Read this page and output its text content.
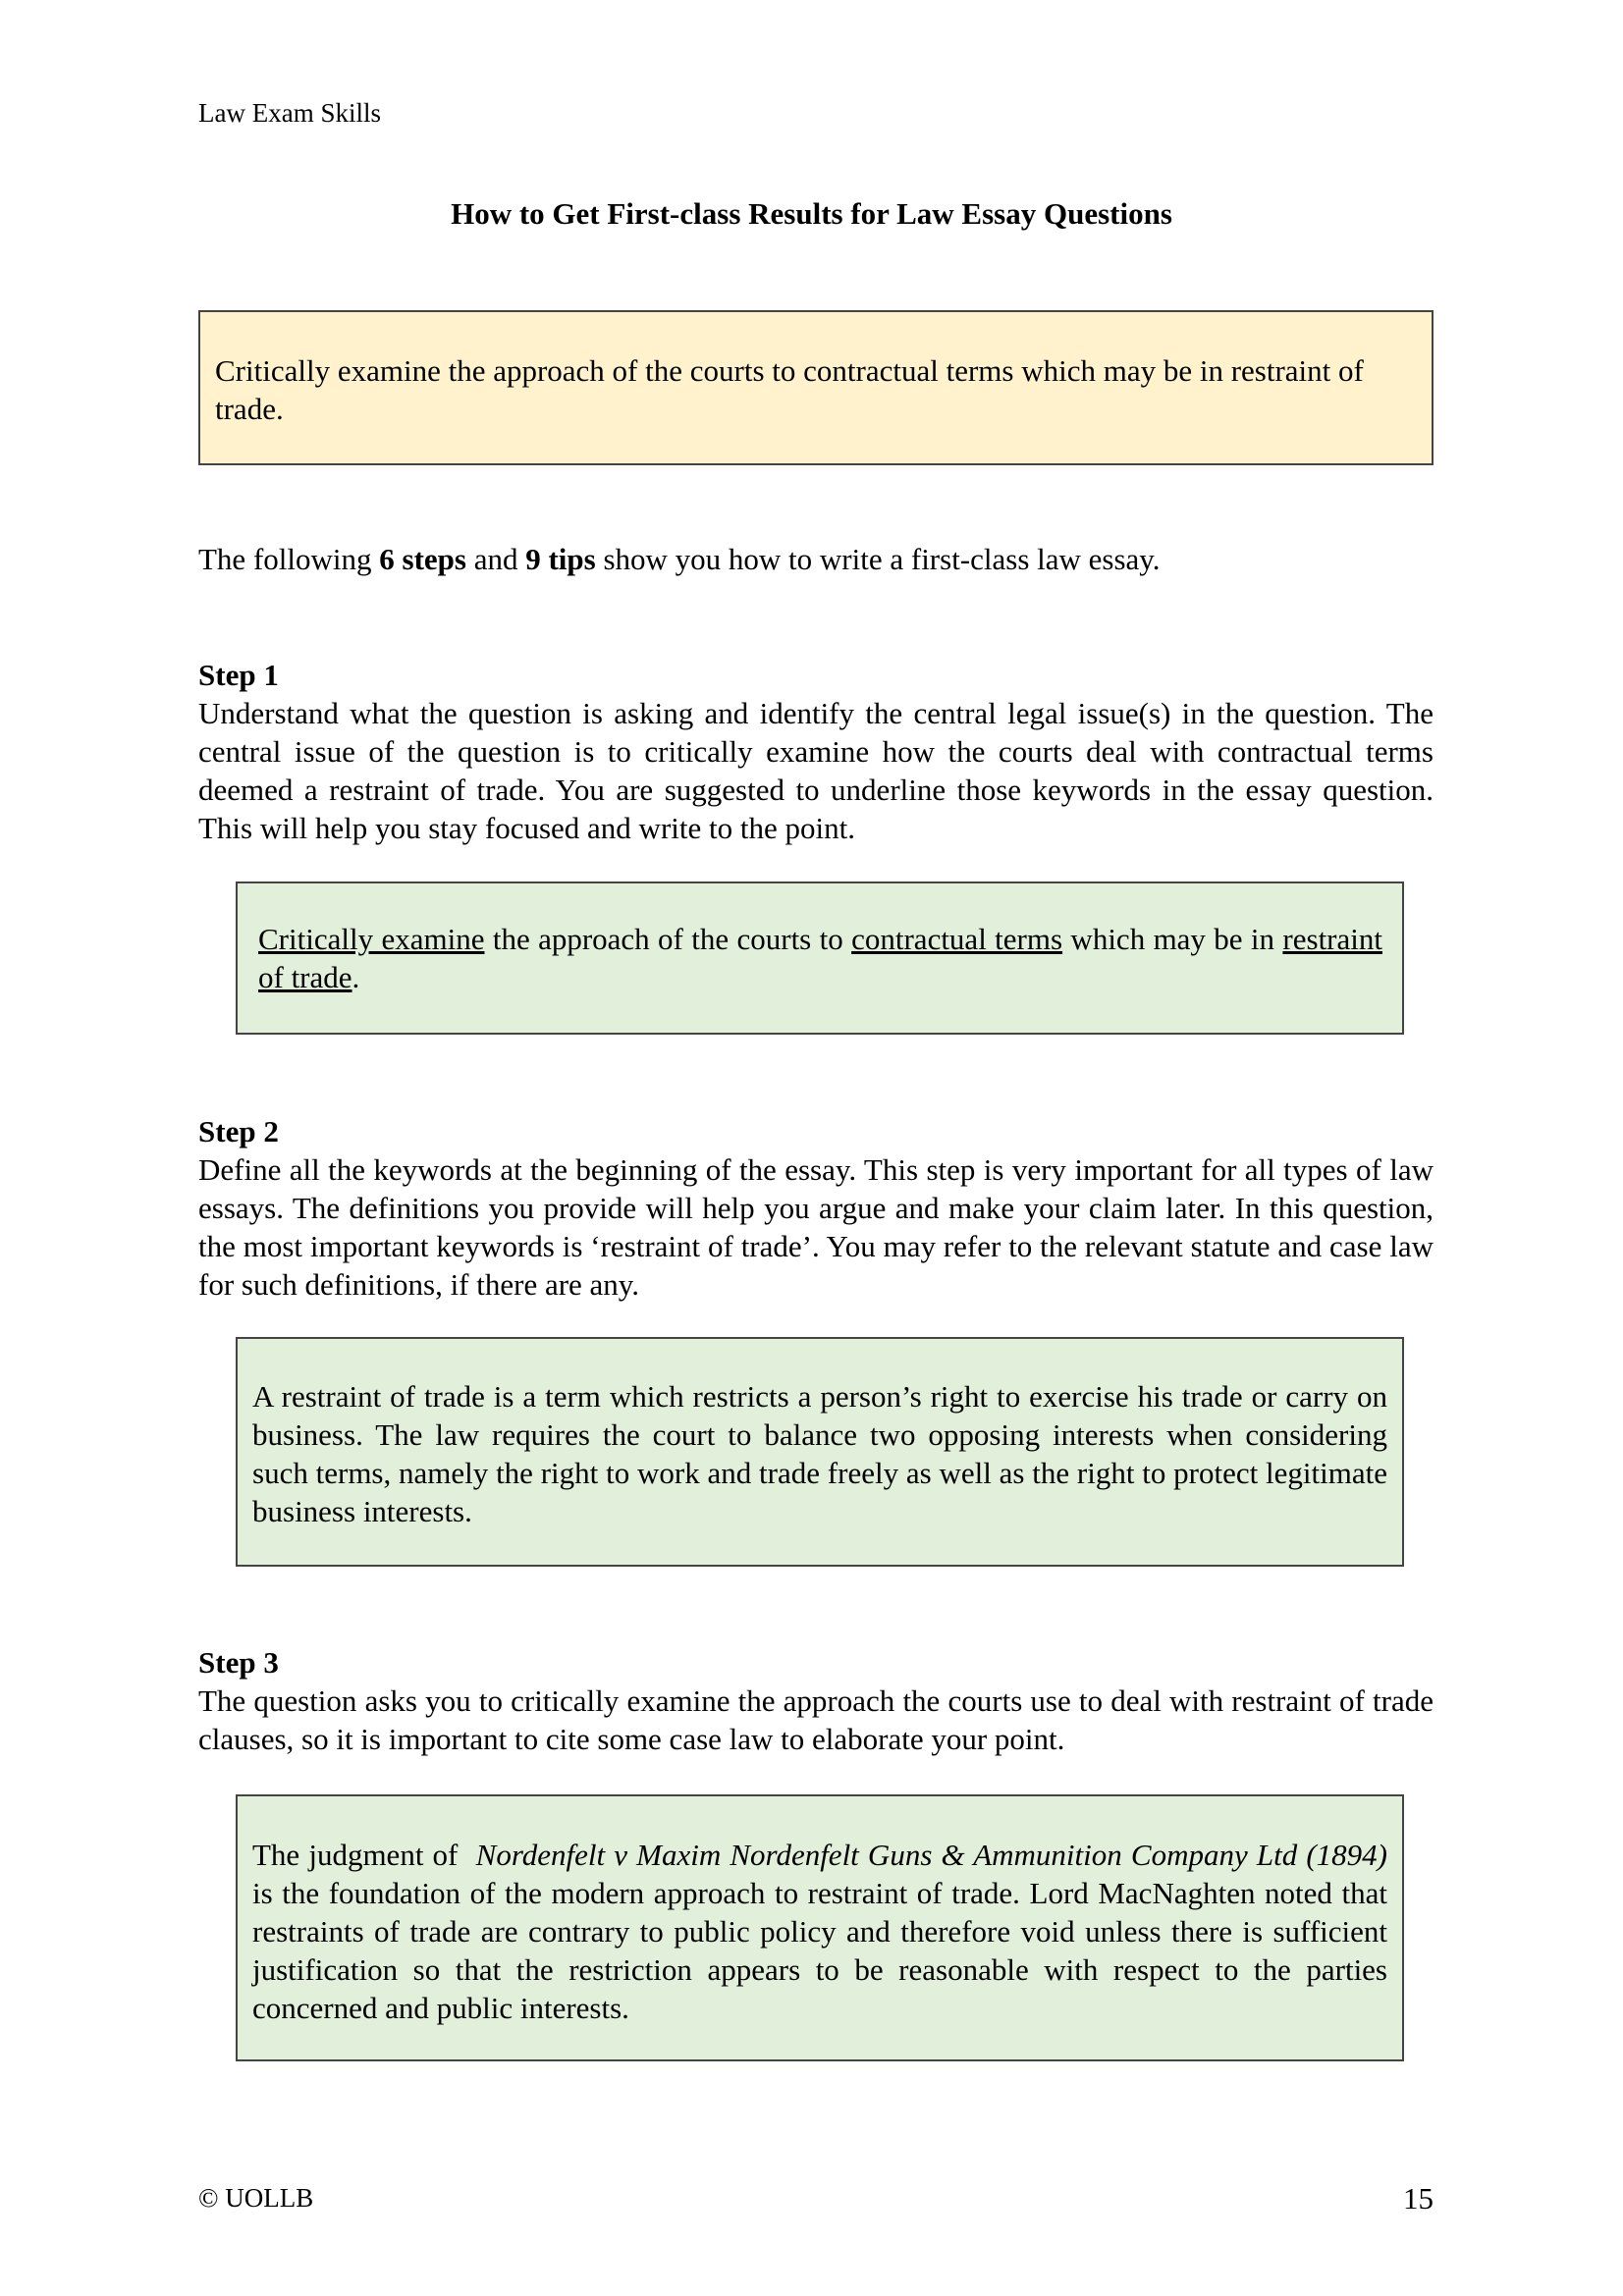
Law Exam Skills
How to Get First-class Results for Law Essay Questions
Critically examine the approach of the courts to contractual terms which may be in restraint of trade.
The following 6 steps and 9 tips show you how to write a first-class law essay.
Step 1
Understand what the question is asking and identify the central legal issue(s) in the question. The central issue of the question is to critically examine how the courts deal with contractual terms deemed a restraint of trade. You are suggested to underline those keywords in the essay question. This will help you stay focused and write to the point.
Critically examine the approach of the courts to contractual terms which may be in restraint of trade.
Step 2
Define all the keywords at the beginning of the essay. This step is very important for all types of law essays. The definitions you provide will help you argue and make your claim later. In this question, the most important keywords is ‘restraint of trade’. You may refer to the relevant statute and case law for such definitions, if there are any.
A restraint of trade is a term which restricts a person’s right to exercise his trade or carry on business. The law requires the court to balance two opposing interests when considering such terms, namely the right to work and trade freely as well as the right to protect legitimate business interests.
Step 3
The question asks you to critically examine the approach the courts use to deal with restraint of trade clauses, so it is important to cite some case law to elaborate your point.
The judgment of  Nordenfelt v Maxim Nordenfelt Guns & Ammunition Company Ltd (1894) is the foundation of the modern approach to restraint of trade. Lord MacNaghten noted that restraints of trade are contrary to public policy and therefore void unless there is sufficient justification so that the restriction appears to be reasonable with respect to the parties concerned and public interests.
© UOLLB	15
